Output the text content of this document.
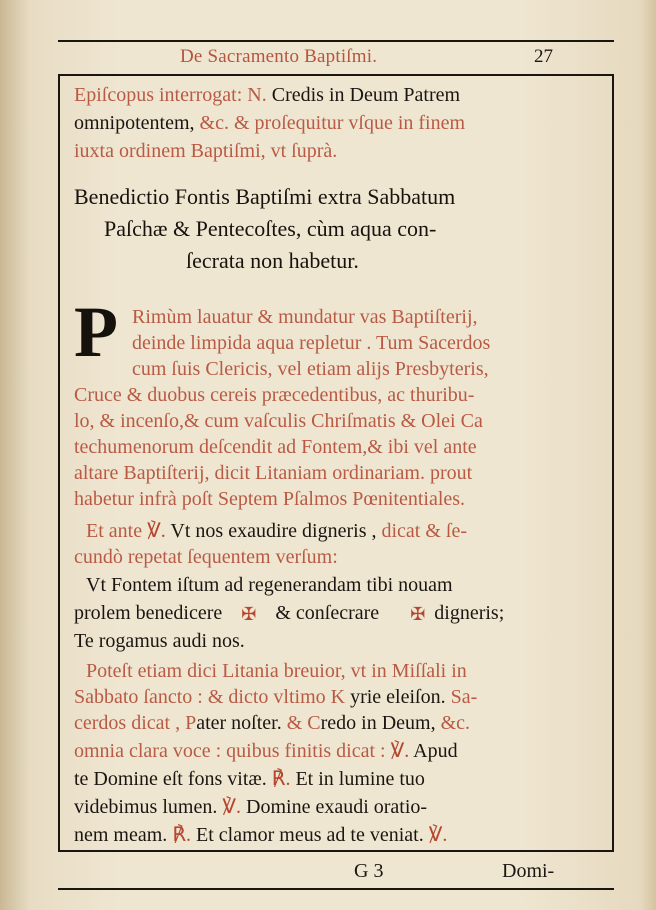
De Sacramento Baptiſmi.	27
Epiſcopus interrogat: N. Credis in Deum Patrem
omnipotentem, &c. & proſequitur vſque in finem
iuxta ordinem Baptiſmi, vt ſuprà.
Benedictio Fontis Baptiſmi extra Sabbatum
Paſchæ & Pentecoſtes, cùm aqua con-
ſecrata non habetur.
P Rimùm lauatur & mundatur vas Baptiſterij,
deinde limpida aqua repletur . Tum Sacerdos
cum ſuis Clericis, vel etiam alijs Presbyteris,
Cruce & duobus cereis præcedentibus, ac thuribu-
lo, & incenſo,& cum vaſculis Chriſmatis & Olei Ca
techumenorum deſcendit ad Fontem,& ibi vel ante
altare Baptiſterij, dicit Litaniam ordinariam. prout
habetur infrà poſt Septem Pſalmos Pœnitentiales.
Et ante ℣. Vt nos exaudire digneris , dicat & ſe-
cundò repetat ſequentem verſum:
Vt Fontem iſtum ad regenerandam tibi nouam
prolem benedicere ✠ & conſecrare ✠ digneris;
Te rogamus audi nos.
Poteſt etiam dici Litania breuior, vt in Miſſali in
Sabbato ſancto : & dicto vltimo K yrie eleiſon. Sa-
cerdos dicat , Pater noſter. & Credo in Deum, &c.
omnia clara voce : quibus finitis dicat : ℣. Apud
te Domine eſt fons vitæ. ℟. Et in lumine tuo
videbimus lumen. ℣. Domine exaudi oratio-
nem meam. ℟. Et clamor meus ad te veniat. ℣.
G 3	Domi-
